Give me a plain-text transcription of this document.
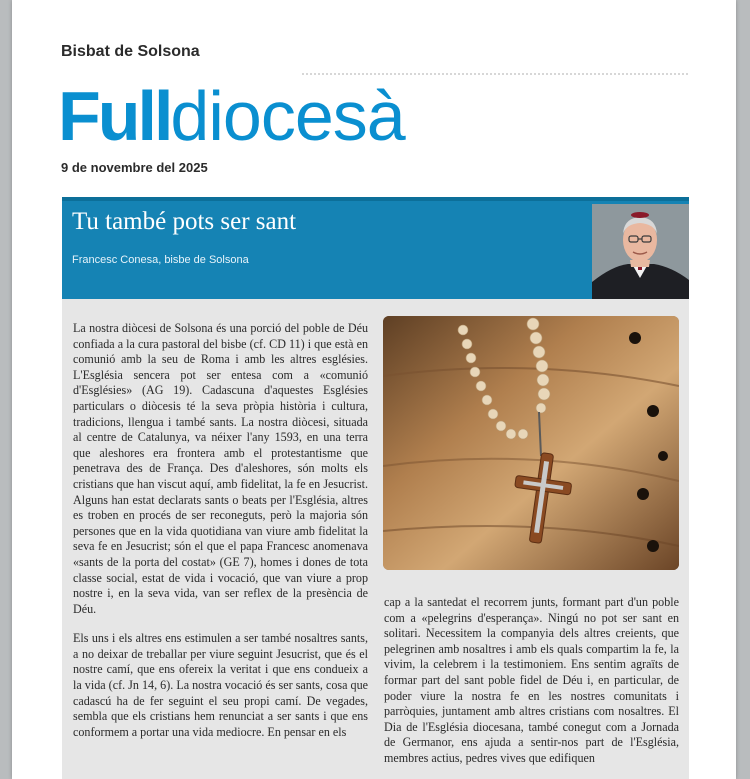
Bisbat de Solsona
Fulldiocesà
9 de novembre del 2025
Tu també pots ser sant
Francesc Conesa, bisbe de Solsona

La nostra diòcesi de Solsona és una porció del poble de Déu confiada a la cura pastoral del bisbe (cf. CD 11) i que està en comunió amb la seu de Roma i amb les altres esglésies. L'Església sencera pot ser entesa com a «comunió d'Esglésies» (AG 19). Cadascuna d'aquestes Esglésies particulars o diòcesis té la seva pròpia història i cultura, tradicions, llengua i també sants. La nostra diòcesi, situada al centre de Catalunya, va néixer l'any 1593, en una terra que aleshores era frontera amb el protestantisme que penetrava des de França. Des d'aleshores, són molts els cristians que han viscut aquí, amb fidelitat, la fe en Jesucrist. Alguns han estat declarats sants o beats per l'Església, altres es troben en procés de ser reconeguts, però la majoria són persones que en la vida quotidiana van viure amb fidelitat la seva fe en Jesucrist; són el que el papa Francesc anomenava «sants de la porta del costat» (GE 7), homes i dones de tota classe social, estat de vida i vocació, que van viure a prop nostre i, en la seva vida, van ser reflex de la presència de Déu.

Els uns i els altres ens estimulen a ser també nosaltres sants, a no deixar de treballar per viure seguint Jesucrist, que és el nostre camí, que ens ofereix la veritat i que ens condueix a la vida (cf. Jn 14, 6). La nostra vocació és ser sants, cosa que cadascú ha de fer seguint el seu propi camí. De vegades, sembla que els cristians hem renunciat a ser sants i que ens conformem a portar una vida mediocre. En pensar en els

cap a la santedat el recorrem junts, formant part d'un poble com a «pelegrins d'esperança». Ningú no pot ser sant en solitari. Necessitem la companyia dels altres creients, que pelegrinen amb nosaltres i amb els quals compartim la fe, la vivim, la celebrem i la testimoniem. Ens sentim agraïts de formar part del sant poble fidel de Déu i, en particular, de poder viure la nostra fe en les nostres comunitats i parròquies, juntament amb altres cristians com nosaltres. El Dia de l'Església diocesana, també conegut com a Jornada de Germanor, ens ajuda a sentir-nos part de l'Església, membres actius, pedres vives que edifiquen
